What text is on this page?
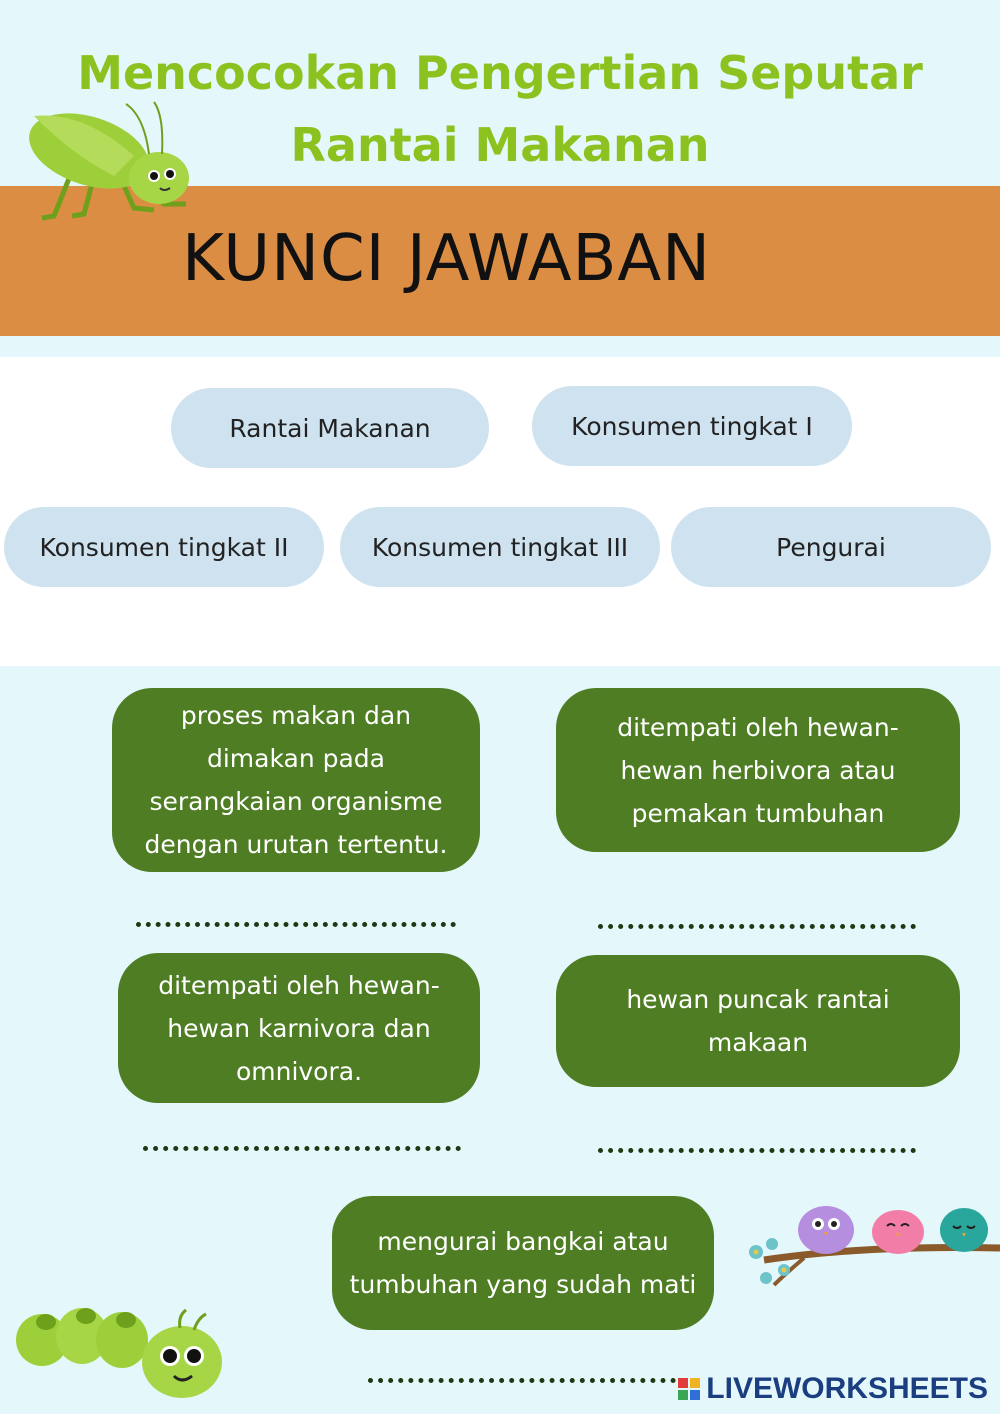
Mencocokan Pengertian Seputar
Rantai Makanan
KUNCI JAWABAN
Rantai Makanan	Konsumen tingkat I
Konsumen tingkat II	Konsumen tingkat III	Pengurai
proses makan dan dimakan pada serangkaian organisme dengan urutan tertentu.
ditempati oleh hewan-hewan herbivora atau pemakan tumbuhan
ditempati oleh hewan-hewan karnivora dan omnivora.
hewan puncak rantai makaan
mengurai bangkai atau tumbuhan yang sudah mati
LIVEWORKSHEETS
